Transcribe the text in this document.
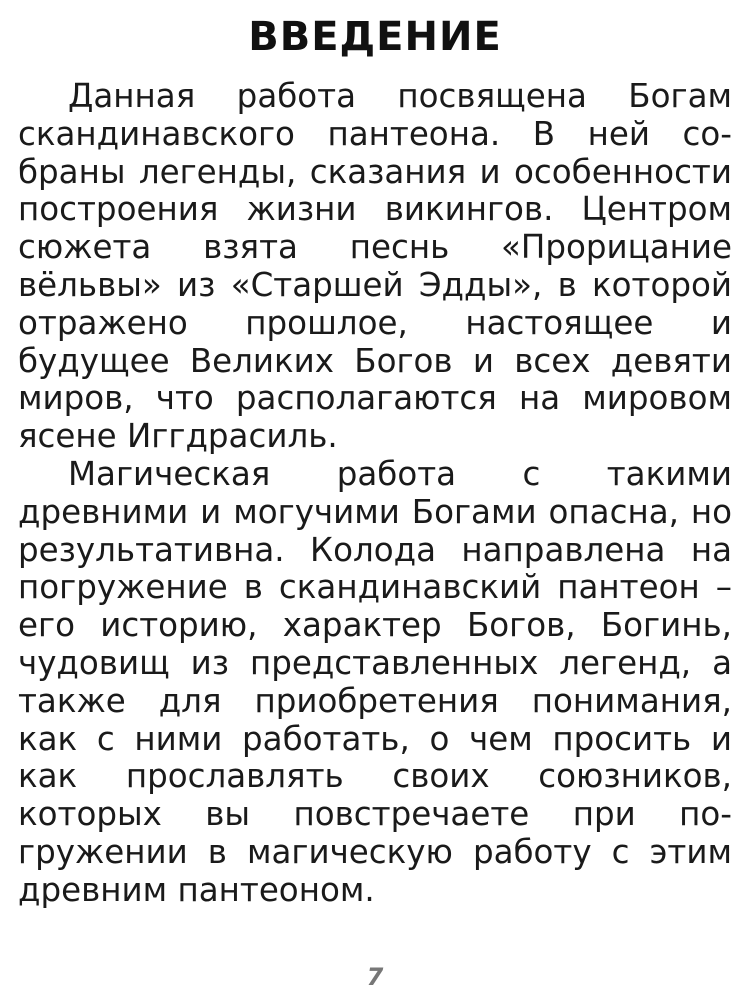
ВВЕДЕНИЕ

Данная работа посвящена Богам скандинавского пантеона. В ней собраны легенды, сказания и особенности построения жизни викингов. Центром сюжета взята песнь «Прорицание вёльвы» из «Старшей Эдды», в которой отражено прошлое, настоящее и будущее Великих Богов и всех девяти миров, что располагаются на мировом ясене Иггдрасиль.

Магическая работа с такими древними и могучими Богами опасна, но результативна. Колода направлена на погружение в скандинавский пантеон – его историю, характер Богов, Богинь, чудовищ из представленных легенд, а также для приобретения понимания, как с ними работать, о чем просить и как прославлять своих союзников, которых вы повстречаете при погружении в магическую работу с этим древним пантеоном.

7
